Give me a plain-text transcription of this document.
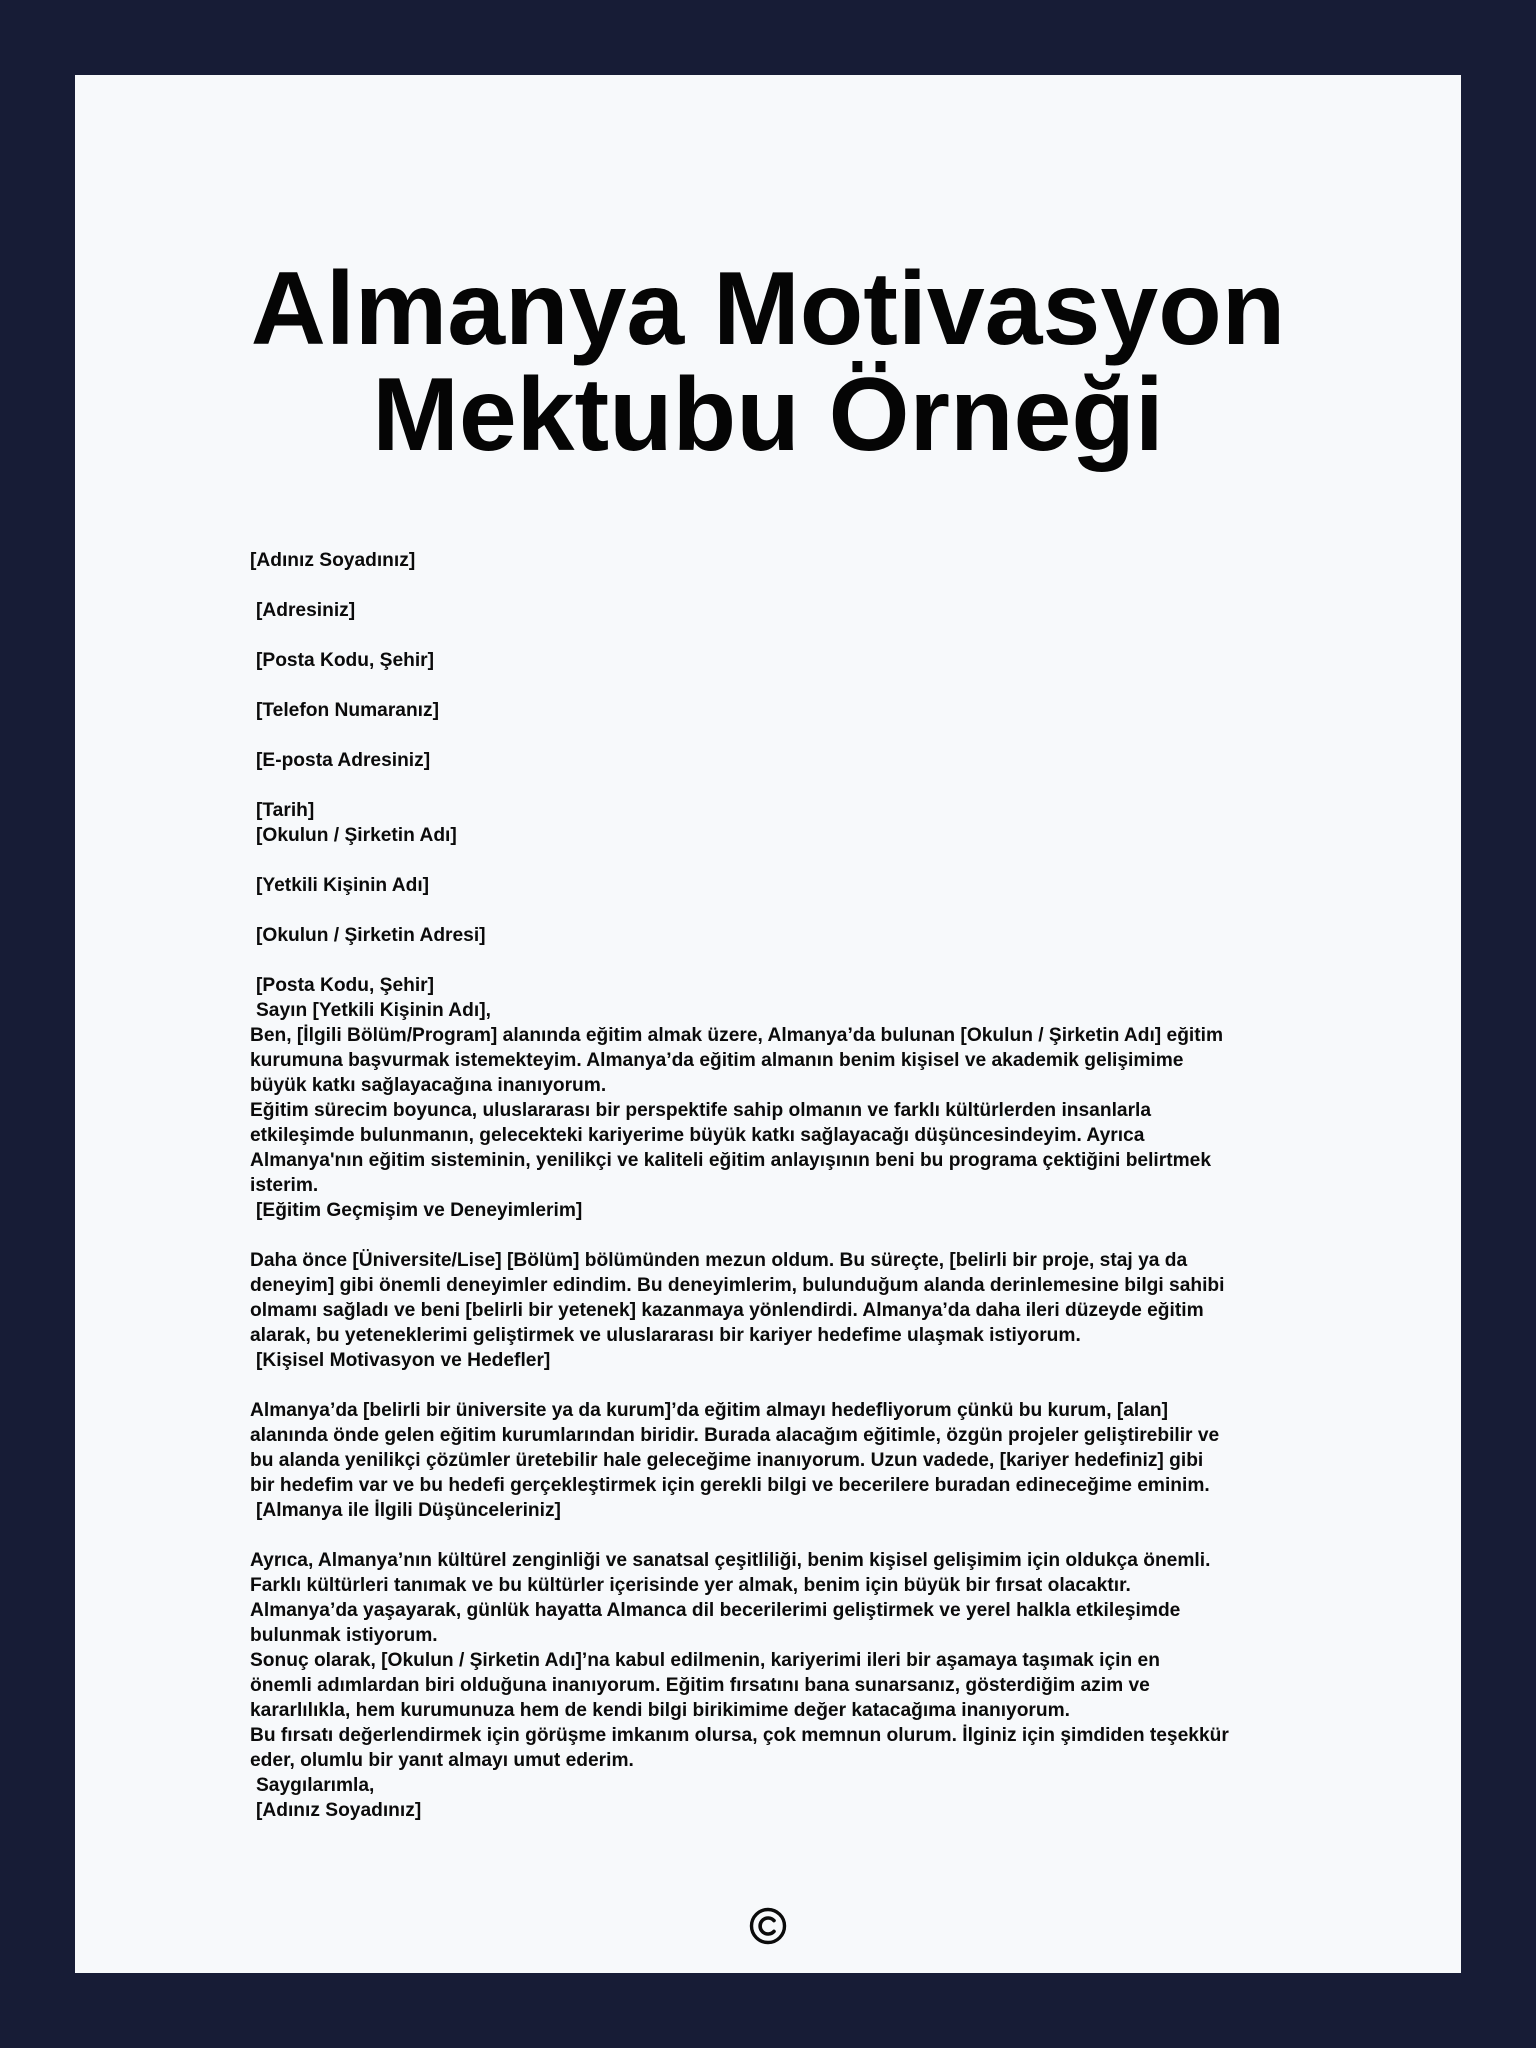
Almanya Motivasyon
Mektubu Örneği
[Adınız Soyadınız]
[Adresiniz]
[Posta Kodu, Şehir]
[Telefon Numaranız]
[E-posta Adresiniz]
[Tarih]
[Okulun / Şirketin Adı]
[Yetkili Kişinin Adı]
[Okulun / Şirketin Adresi]
[Posta Kodu, Şehir]
Sayın [Yetkili Kişinin Adı],
Ben, [İlgili Bölüm/Program] alanında eğitim almak üzere, Almanya’da bulunan [Okulun / Şirketin Adı] eğitim
kurumuna başvurmak istemekteyim. Almanya’da eğitim almanın benim kişisel ve akademik gelişimime
büyük katkı sağlayacağına inanıyorum.
Eğitim sürecim boyunca, uluslararası bir perspektife sahip olmanın ve farklı kültürlerden insanlarla
etkileşimde bulunmanın, gelecekteki kariyerime büyük katkı sağlayacağı düşüncesindeyim. Ayrıca
Almanya'nın eğitim sisteminin, yenilikçi ve kaliteli eğitim anlayışının beni bu programa çektiğini belirtmek
isterim.
[Eğitim Geçmişim ve Deneyimlerim]
Daha önce [Üniversite/Lise] [Bölüm] bölümünden mezun oldum. Bu süreçte, [belirli bir proje, staj ya da
deneyim] gibi önemli deneyimler edindim. Bu deneyimlerim, bulunduğum alanda derinlemesine bilgi sahibi
olmamı sağladı ve beni [belirli bir yetenek] kazanmaya yönlendirdi. Almanya’da daha ileri düzeyde eğitim
alarak, bu yeteneklerimi geliştirmek ve uluslararası bir kariyer hedefime ulaşmak istiyorum.
[Kişisel Motivasyon ve Hedefler]
Almanya’da [belirli bir üniversite ya da kurum]’da eğitim almayı hedefliyorum çünkü bu kurum, [alan]
alanında önde gelen eğitim kurumlarından biridir. Burada alacağım eğitimle, özgün projeler geliştirebilir ve
bu alanda yenilikçi çözümler üretebilir hale geleceğime inanıyorum. Uzun vadede, [kariyer hedefiniz] gibi
bir hedefim var ve bu hedefi gerçekleştirmek için gerekli bilgi ve becerilere buradan edineceğime eminim.
[Almanya ile İlgili Düşünceleriniz]
Ayrıca, Almanya’nın kültürel zenginliği ve sanatsal çeşitliliği, benim kişisel gelişimim için oldukça önemli.
Farklı kültürleri tanımak ve bu kültürler içerisinde yer almak, benim için büyük bir fırsat olacaktır.
Almanya’da yaşayarak, günlük hayatta Almanca dil becerilerimi geliştirmek ve yerel halkla etkileşimde
bulunmak istiyorum.
Sonuç olarak, [Okulun / Şirketin Adı]’na kabul edilmenin, kariyerimi ileri bir aşamaya taşımak için en
önemli adımlardan biri olduğuna inanıyorum. Eğitim fırsatını bana sunarsanız, gösterdiğim azim ve
kararlılıkla, hem kurumunuza hem de kendi bilgi birikimime değer katacağıma inanıyorum.
Bu fırsatı değerlendirmek için görüşme imkanım olursa, çok memnun olurum. İlginiz için şimdiden teşekkür
eder, olumlu bir yanıt almayı umut ederim.
Saygılarımla,
[Adınız Soyadınız]
